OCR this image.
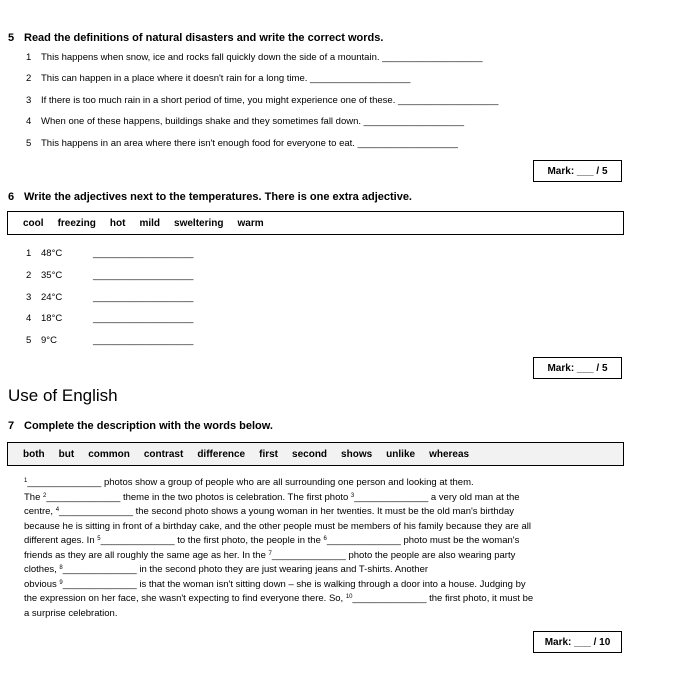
5 Read the definitions of natural disasters and write the correct words.
1 This happens when snow, ice and rocks fall quickly down the side of a mountain. ___________________
2 This can happen in a place where it doesn't rain for a long time. ___________________
3 If there is too much rain in a short period of time, you might experience one of these. ___________________
4 When one of these happens, buildings shake and they sometimes fall down. ___________________
5 This happens in an area where there isn't enough food for everyone to eat. ___________________
Mark: ___ / 5
6 Write the adjectives next to the temperatures. There is one extra adjective.
cool freezing hot mild sweltering warm
1 48°C	___________________
2 35°C	___________________
3 24°C	___________________
4 18°C	___________________
5 9°C	___________________
Mark: ___ / 5
Use of English
7 Complete the description with the words below.
both but common contrast difference first second shows unlike whereas
$^1$______________ photos show a group of people who are all surrounding one person and looking at them.
The $^2$______________ theme in the two photos is celebration. The first photo $^3$______________ a very old man at the
centre, $^4$______________ the second photo shows a young woman in her twenties. It must be the old man's birthday
because he is sitting in front of a birthday cake, and the other people must be members of his family because they are all
different ages. In $^5$______________ to the first photo, the people in the $^6$______________ photo must be the woman's
friends as they are all roughly the same age as her. In the $^7$______________ photo the people are also wearing party
clothes, $^8$______________ in the second photo they are just wearing jeans and T-shirts. Another
obvious $^9$______________ is that the woman isn't sitting down – she is walking through a door into a house. Judging by
the expression on her face, she wasn't expecting to find everyone there. So, $^{10}$______________ the first photo, it must be
a surprise celebration.
Mark: ___ / 10
